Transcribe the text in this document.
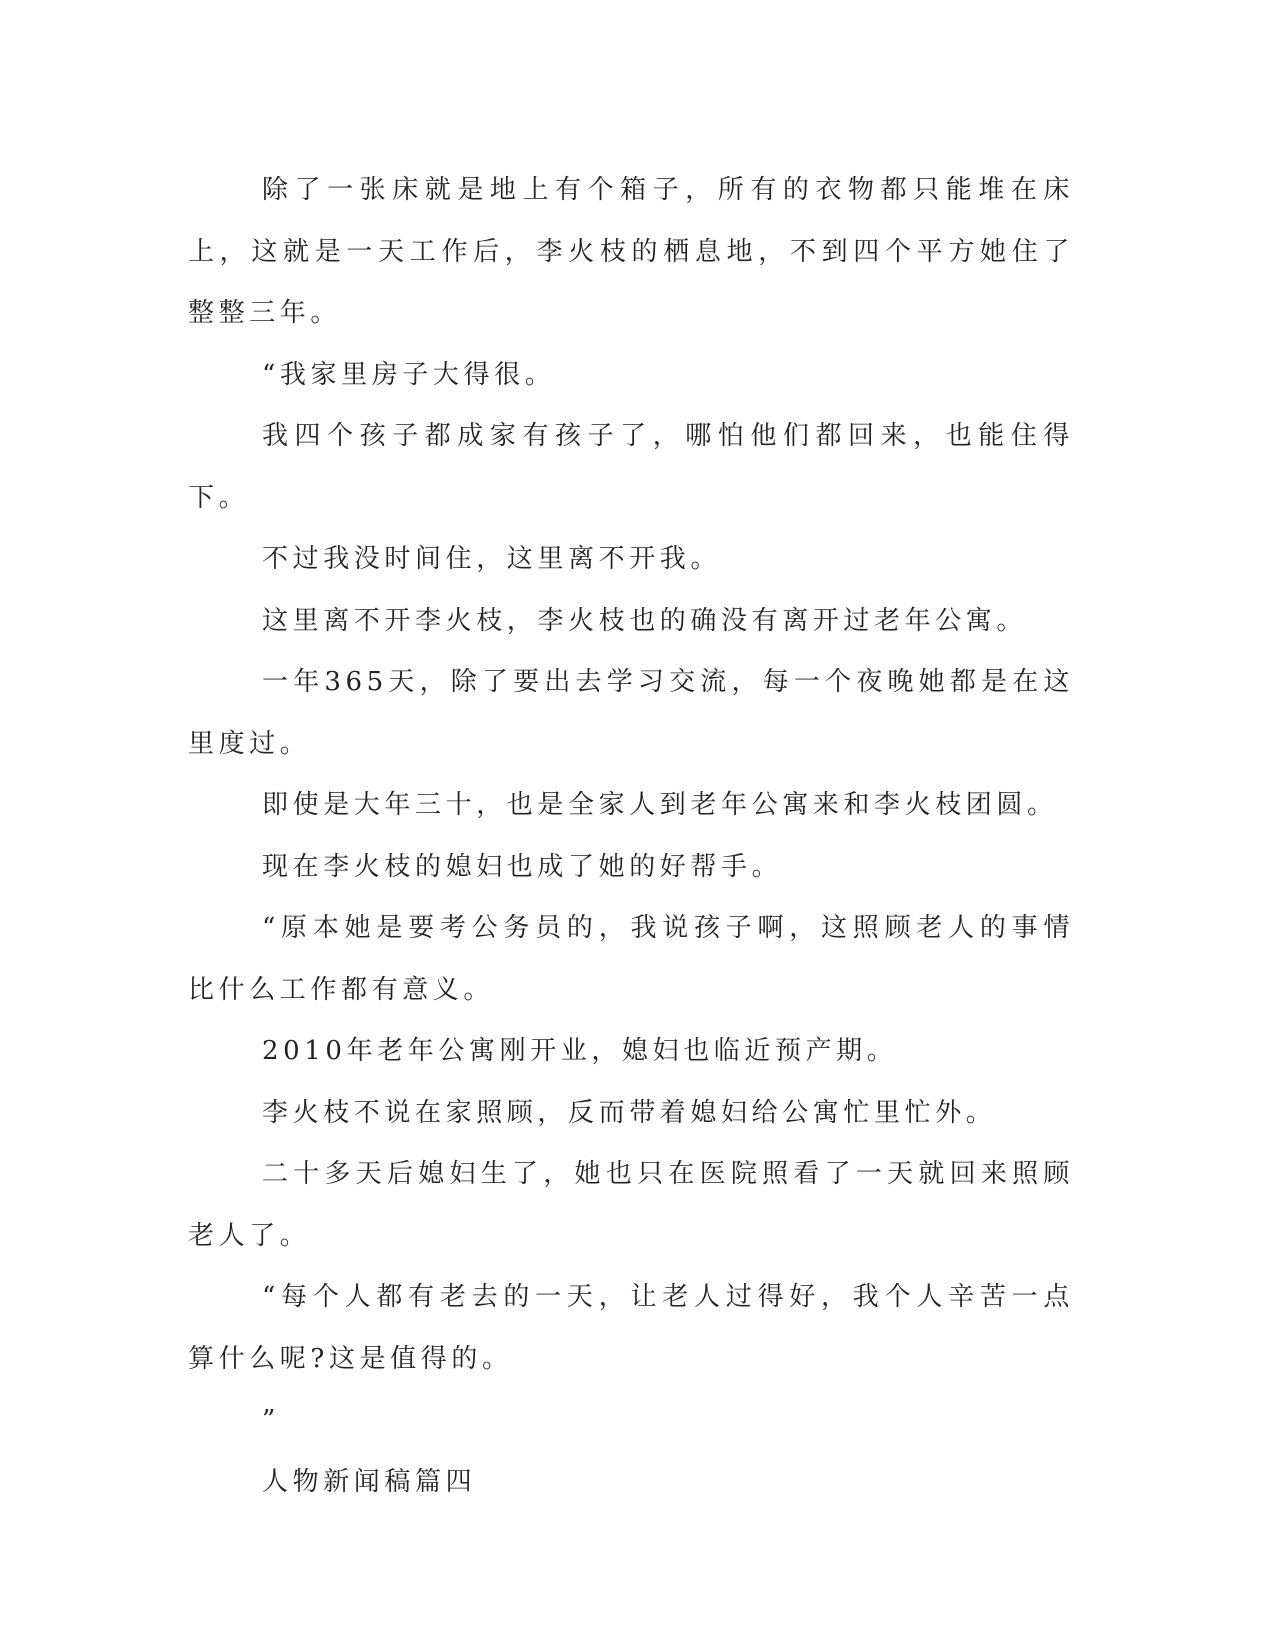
除了一张床就是地上有个箱子，所有的衣物都只能堆在床上，这就是一天工作后，李火枝的栖息地，不到四个平方她住了整整三年。

“我家里房子大得很。

我四个孩子都成家有孩子了，哪怕他们都回来，也能住得下。

不过我没时间住，这里离不开我。

这里离不开李火枝，李火枝也的确没有离开过老年公寓。

一年365天，除了要出去学习交流，每一个夜晚她都是在这里度过。

即使是大年三十，也是全家人到老年公寓来和李火枝团圆。

现在李火枝的媳妇也成了她的好帮手。

“原本她是要考公务员的，我说孩子啊，这照顾老人的事情比什么工作都有意义。

2010年老年公寓刚开业，媳妇也临近预产期。

李火枝不说在家照顾，反而带着媳妇给公寓忙里忙外。

二十多天后媳妇生了，她也只在医院照看了一天就回来照顾老人了。

“每个人都有老去的一天，让老人过得好，我个人辛苦一点算什么呢?这是值得的。

”

人物新闻稿篇四
